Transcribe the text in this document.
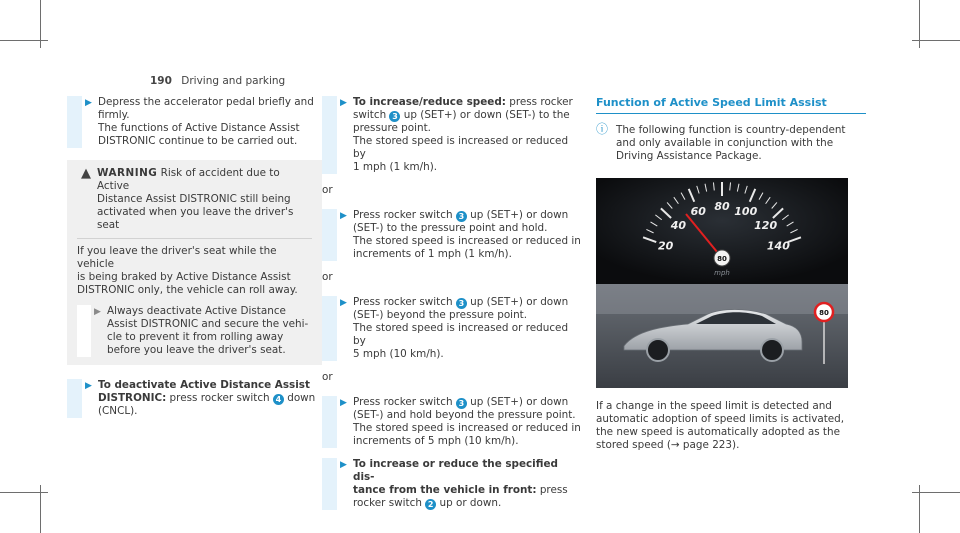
190 Driving and parking
▶ Depress the accelerator pedal briefly and
firmly.
The functions of Active Distance Assist
DISTRONIC continue to be carried out.
▲ WARNING Risk of accident due to Active
Distance Assist DISTRONIC still being
activated when you leave the driver's
seat
If you leave the driver's seat while the vehicle
is being braked by Active Distance Assist
DISTRONIC only, the vehicle can roll away.
▶ Always deactivate Active Distance
Assist DISTRONIC and secure the vehi-
cle to prevent it from rolling away
before you leave the driver's seat.
▶ To deactivate Active Distance Assist
DISTRONIC: press rocker switch 4 down
(CNCL).
▶ To increase/reduce speed: press rocker
switch 3 up (SET+) or down (SET-) to the
pressure point.
The stored speed is increased or reduced by
1 mph (1 km/h).
or
▶ Press rocker switch 3 up (SET+) or down
(SET-) to the pressure point and hold.
The stored speed is increased or reduced in
increments of 1 mph (1 km/h).
or
▶ Press rocker switch 3 up (SET+) or down
(SET-) beyond the pressure point.
The stored speed is increased or reduced by
5 mph (10 km/h).
or
▶ Press rocker switch 3 up (SET+) or down
(SET-) and hold beyond the pressure point.
The stored speed is increased or reduced in
increments of 5 mph (10 km/h).
▶ To increase or reduce the specified dis-
tance from the vehicle in front: press
rocker switch 2 up or down.
Function of Active Speed Limit Assist
ⓘ The following function is country-dependent
and only available in conjunction with the
Driving Assistance Package.
20
40
60 80 100
120
140
80
mph
80
If a change in the speed limit is detected and
automatic adoption of speed limits is activated,
the new speed is automatically adopted as the
stored speed (→ page 223).
